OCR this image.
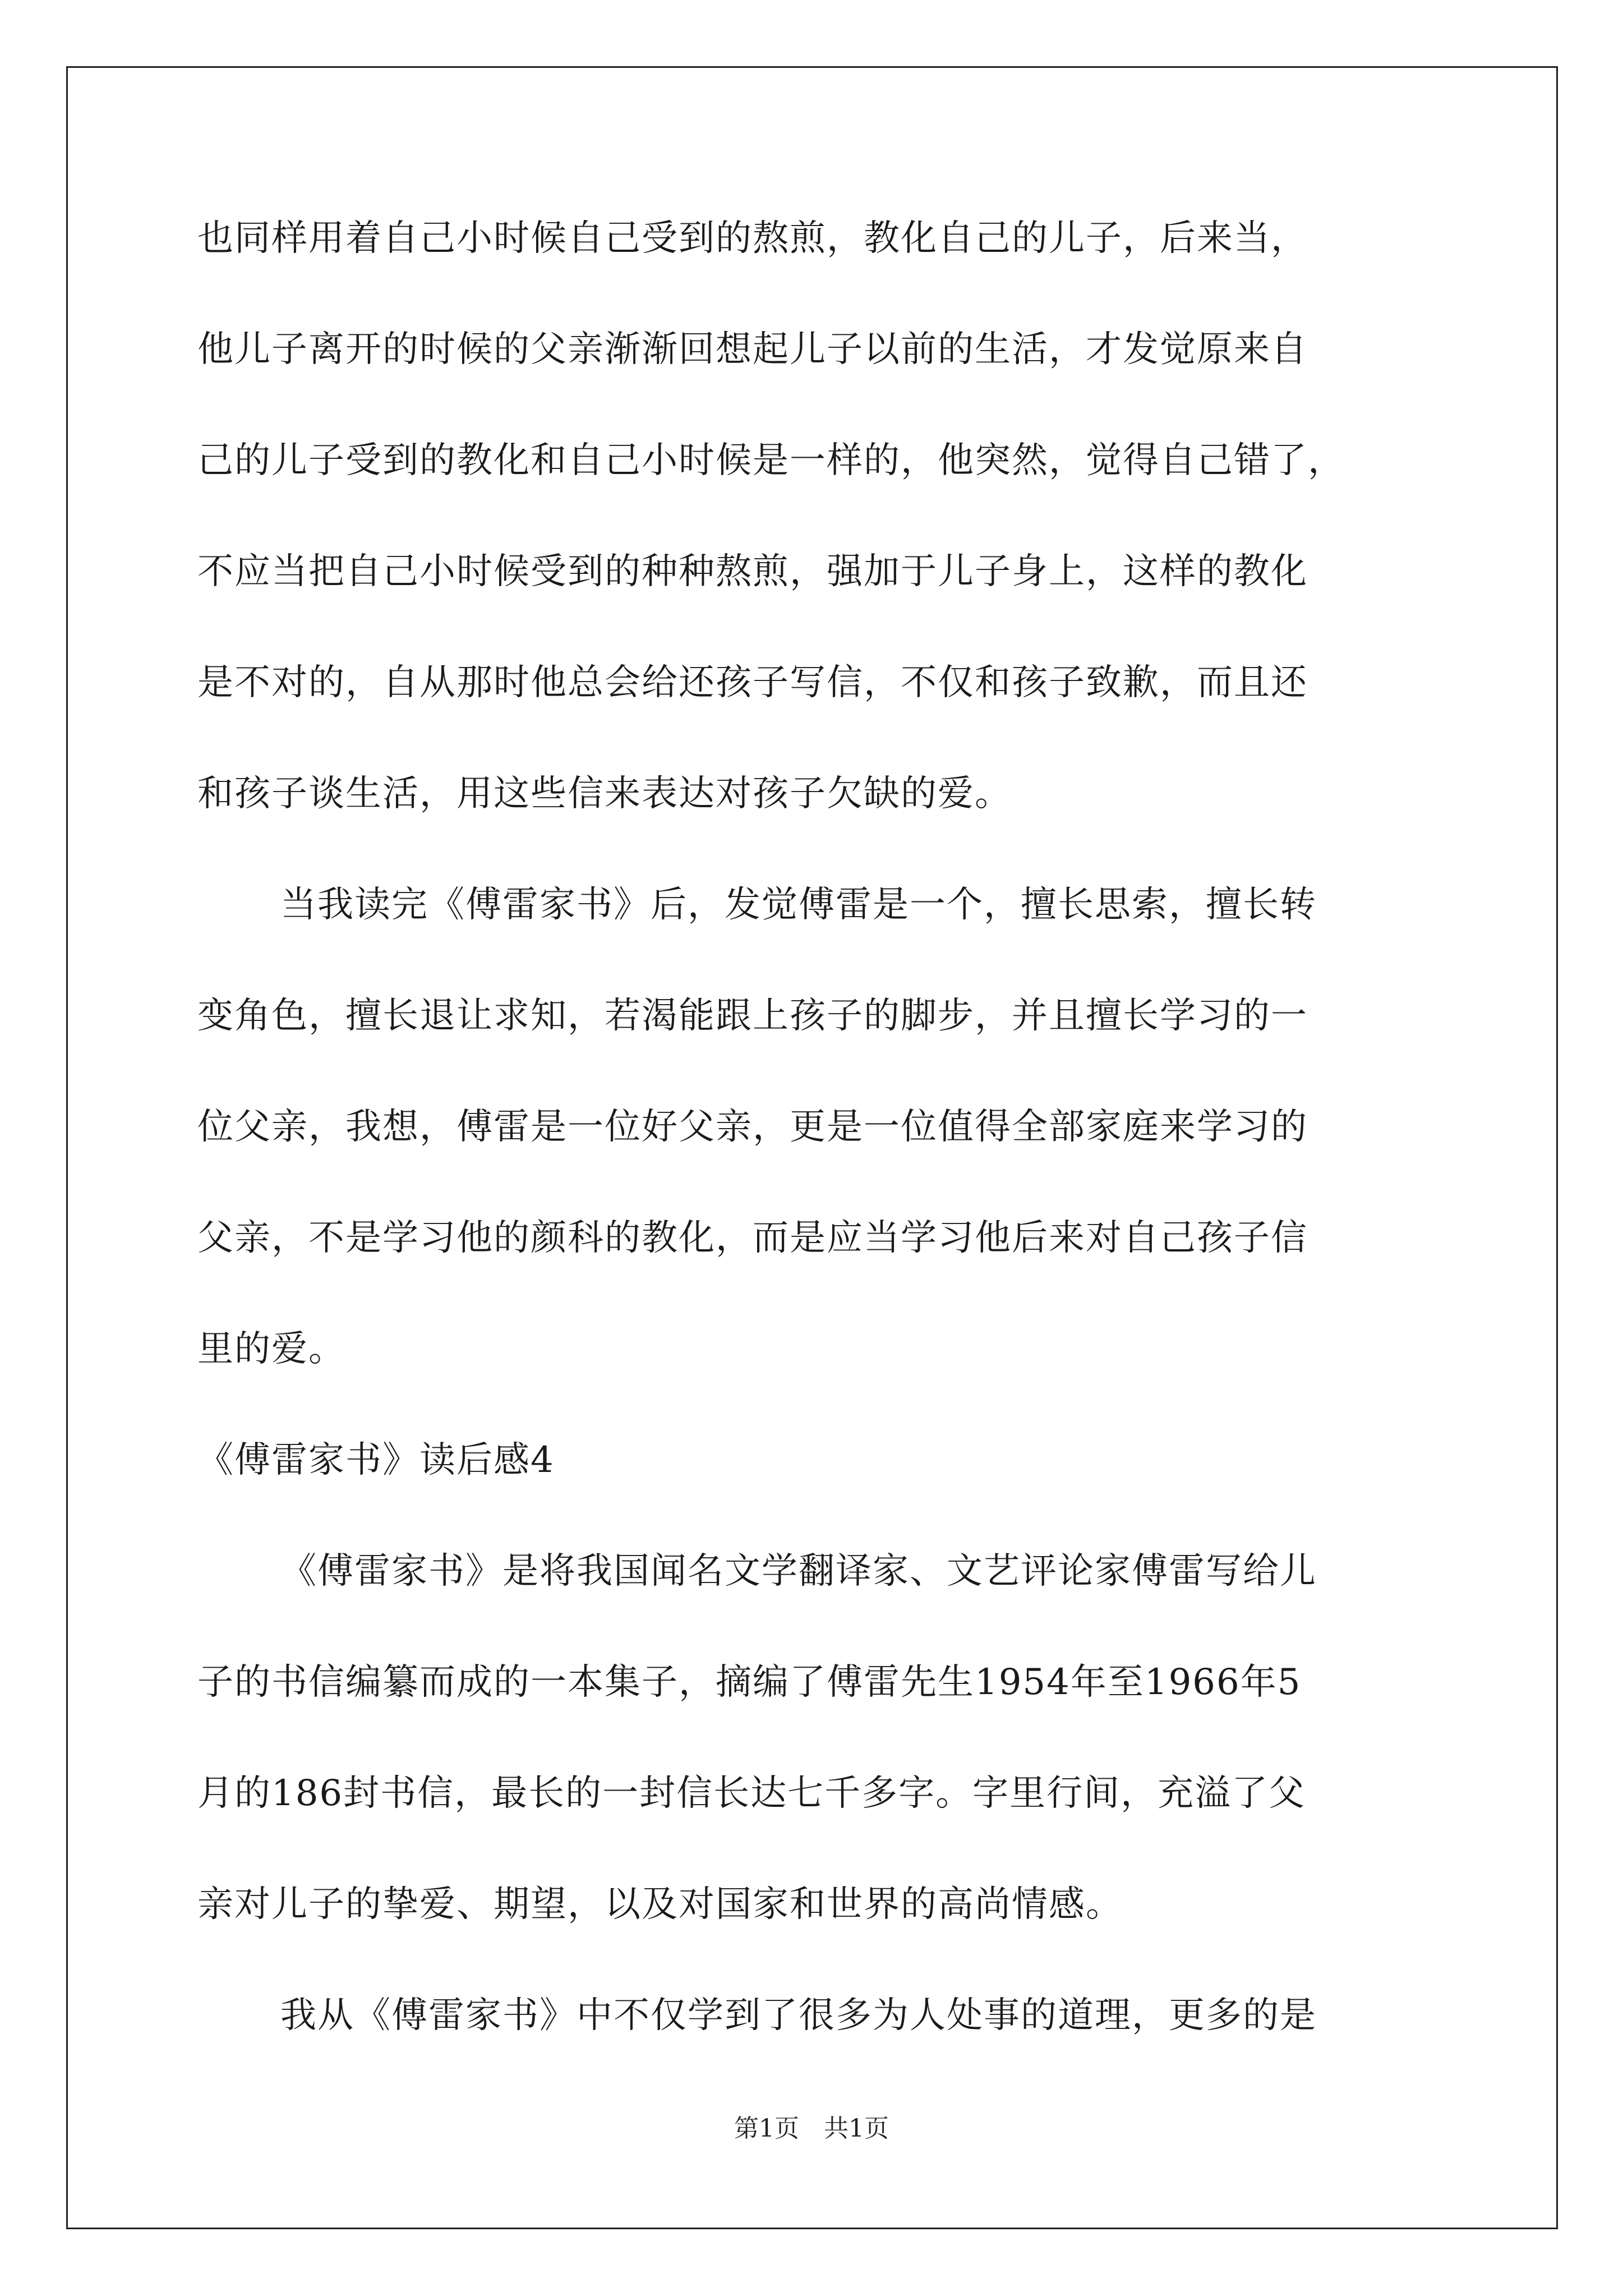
也同样用着自己小时候自己受到的熬煎，教化自己的儿子，后来当，
他儿子离开的时候的父亲渐渐回想起儿子以前的生活，才发觉原来自
己的儿子受到的教化和自己小时候是一样的，他突然，觉得自己错了，
不应当把自己小时候受到的种种熬煎，强加于儿子身上，这样的教化
是不对的，自从那时他总会给还孩子写信，不仅和孩子致歉，而且还
和孩子谈生活，用这些信来表达对孩子欠缺的爱。
当我读完《傅雷家书》后，发觉傅雷是一个，擅长思索，擅长转
变角色，擅长退让求知，若渴能跟上孩子的脚步，并且擅长学习的一
位父亲，我想，傅雷是一位好父亲，更是一位值得全部家庭来学习的
父亲，不是学习他的颜科的教化，而是应当学习他后来对自己孩子信
里的爱。
《傅雷家书》读后感4
《傅雷家书》是将我国闻名文学翻译家、文艺评论家傅雷写给儿
子的书信编纂而成的一本集子，摘编了傅雷先生1954年至1966年5
月的186封书信，最长的一封信长达七千多字。字里行间，充溢了父
亲对儿子的挚爱、期望，以及对国家和世界的高尚情感。
第1页　共1页
我从《傅雷家书》中不仅学到了很多为人处事的道理，更多的是
